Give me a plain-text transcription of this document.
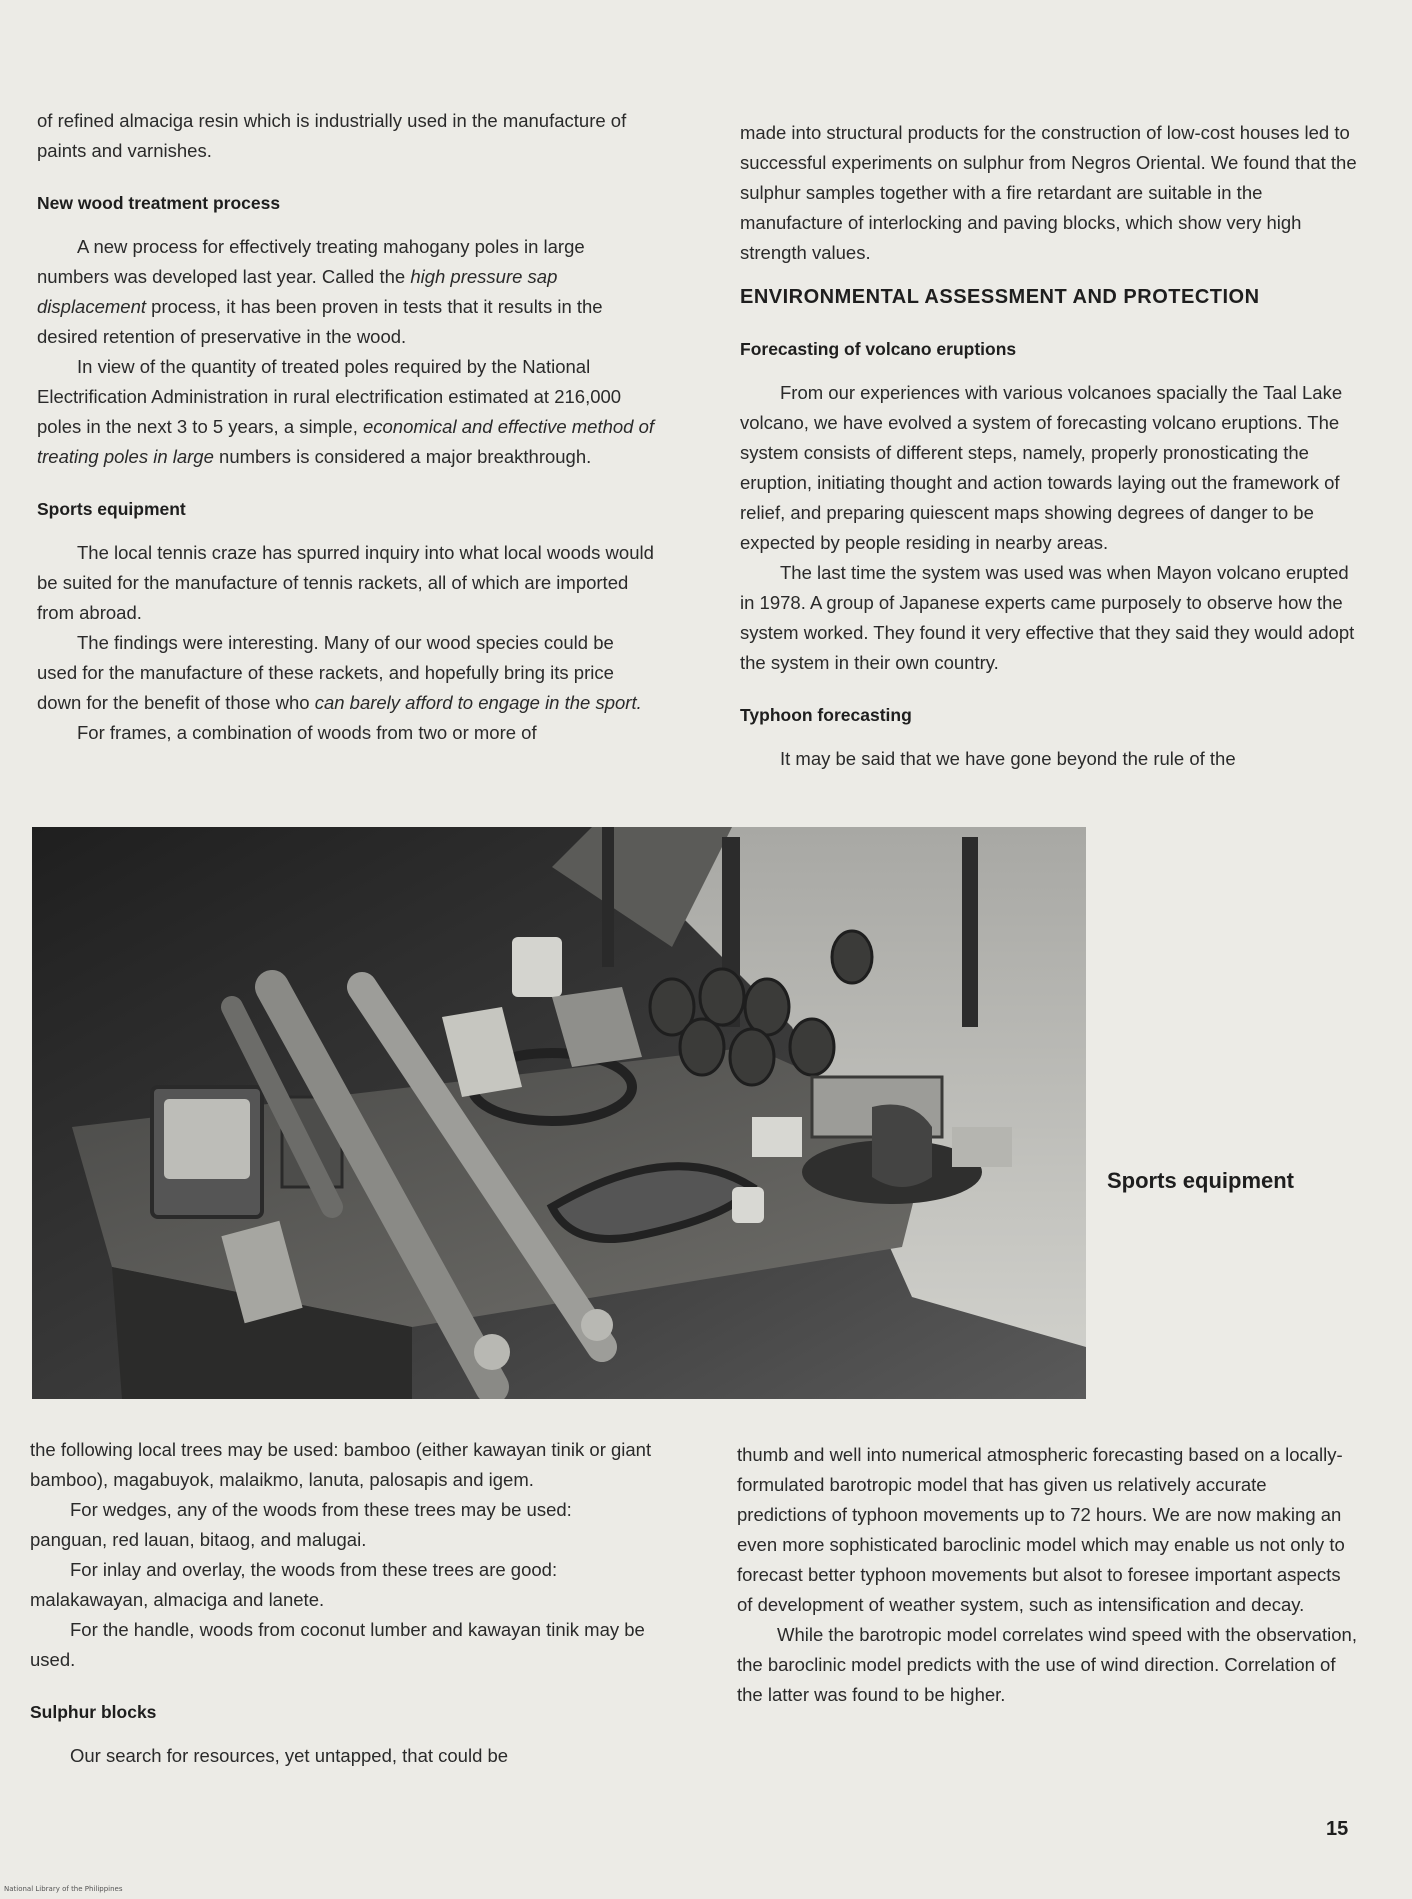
of refined almaciga resin which is industrially used in the manufacture of paints and varnishes.

New wood treatment process

A new process for effectively treating mahogany poles in large numbers was developed last year. Called the high pressure sap displacement process, it has been proven in tests that it results in the desired retention of preservative in the wood.

In view of the quantity of treated poles required by the National Electrification Administration in rural electrification estimated at 216,000 poles in the next 3 to 5 years, a simple, economical and effective method of treating poles in large numbers is considered a major breakthrough.

Sports equipment

The local tennis craze has spurred inquiry into what local woods would be suited for the manufacture of tennis rackets, all of which are imported from abroad.

The findings were interesting. Many of our wood species could be used for the manufacture of these rackets, and hopefully bring its price down for the benefit of those who can barely afford to engage in the sport.

For frames, a combination of woods from two or more of

made into structural products for the construction of low-cost houses led to successful experiments on sulphur from Negros Oriental. We found that the sulphur samples together with a fire retardant are suitable in the manufacture of interlocking and paving blocks, which show very high strength values.

ENVIRONMENTAL ASSESSMENT AND PROTECTION
Forecasting of volcano eruptions

From our experiences with various volcanoes spacially the Taal Lake volcano, we have evolved a system of forecasting volcano eruptions. The system consists of different steps, namely, properly pronosticating the eruption, initiating thought and action towards laying out the framework of relief, and preparing quiescent maps showing degrees of danger to be expected by people residing in nearby areas.

The last time the system was used was when Mayon volcano erupted in 1978. A group of Japanese experts came purposely to observe how the system worked. They found it very effective that they said they would adopt the system in their own country.

Typhoon forecasting

It may be said that we have gone beyond the rule of the

Sports equipment

the following local trees may be used: bamboo (either kawayan tinik or giant bamboo), magabuyok, malaikmo, lanuta, palosapis and igem.

For wedges, any of the woods from these trees may be used: panguan, red lauan, bitaog, and malugai.

For inlay and overlay, the woods from these trees are good: malakawayan, almaciga and lanete.

For the handle, woods from coconut lumber and kawayan tinik may be used.

Sulphur blocks

Our search for resources, yet untapped, that could be

thumb and well into numerical atmospheric forecasting based on a locally-formulated barotropic model that has given us relatively accurate predictions of typhoon movements up to 72 hours. We are now making an even more sophisticated baroclinic model which may enable us not only to forecast better typhoon movements but alsot to foresee important aspects of development of weather system, such as intensification and decay.

While the barotropic model correlates wind speed with the observation, the baroclinic model predicts with the use of wind direction. Correlation of the latter was found to be higher.

15
National Library of the Philippines
